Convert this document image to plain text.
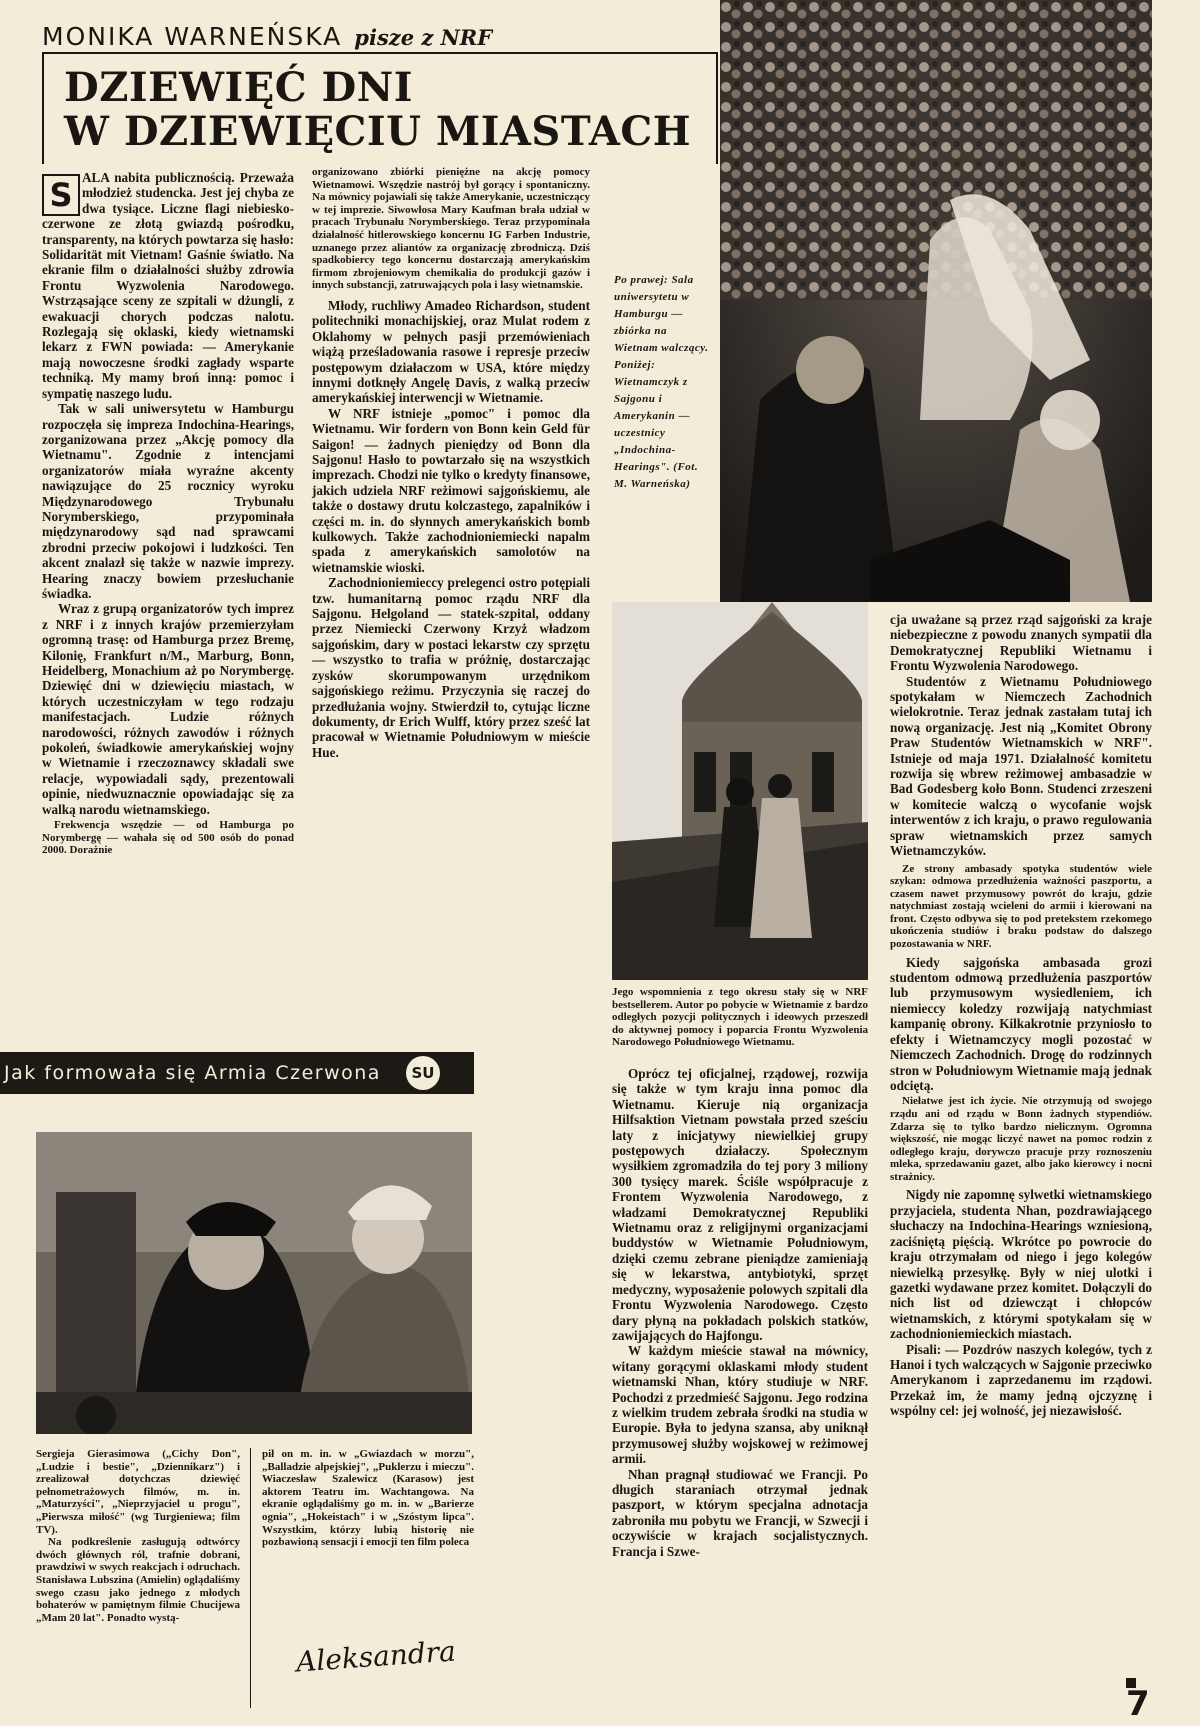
MONIKA WARNEŃSKA pisze z NRF
DZIEWIĘĆ DNI
W DZIEWIĘCIU MIASTACH
Po prawej: Sala uniwersytetu w Hamburgu — zbiórka na Wietnam walczący. Poniżej: Wietnamczyk z Sajgonu i Amerykanin — uczestnicy „Indochina-Hearings". (Fot. M. Warneńska)
S ALA nabita publicznością. Przeważa młodzież studencka. Jest jej chyba ze dwa tysiące. Liczne flagi niebiesko-czerwone ze złotą gwiazdą pośrodku, transparenty, na których powtarza się hasło: Solidarität mit Vietnam! Gaśnie światło. Na ekranie film o działalności służby zdrowia Frontu Wyzwolenia Narodowego. Wstrząsające sceny ze szpitali w dżungli, z ewakuacji chorych podczas nalotu. Rozlegają się oklaski, kiedy wietnamski lekarz z FWN powiada: — Amerykanie mają nowoczesne środki zagłady wsparte techniką. My mamy broń inną: pomoc i sympatię naszego ludu.

Tak w sali uniwersytetu w Hamburgu rozpoczęła się impreza Indochina-Hearings, zorganizowana przez „Akcję pomocy dla Wietnamu". Zgodnie z intencjami organizatorów miała wyraźne akcenty nawiązujące do 25 rocznicy wyroku Międzynarodowego Trybunału Norymberskiego, przypominała międzynarodowy sąd nad sprawcami zbrodni przeciw pokojowi i ludzkości. Ten akcent znalazł się także w nazwie imprezy. Hearing znaczy bowiem przesłuchanie świadka.

Wraz z grupą organizatorów tych imprez z NRF i z innych krajów przemierzyłam ogromną trasę: od Hamburga przez Bremę, Kilonię, Frankfurt n/M., Marburg, Bonn, Heidelberg, Monachium aż po Norymbergę. Dziewięć dni w dziewięciu miastach, w których uczestniczyłam w tego rodzaju manifestacjach. Ludzie różnych narodowości, różnych zawodów i różnych pokoleń, świadkowie amerykańskiej wojny w Wietnamie i rzeczoznawcy składali swe relacje, wypowiadali sądy, prezentowali opinie, niedwuznacznie opowiadając się za walką narodu wietnamskiego.

Frekwencja wszędzie — od Hamburga po Norymbergę — wahała się od 500 osób do ponad 2000. Dorażnie

organizowano zbiórki pieniężne na akcję pomocy Wietnamowi. Wszędzie nastrój był gorący i spontaniczny. Na mównicy pojawiali się także Amerykanie, uczestniczący w tej imprezie. Siwowłosa Mary Kaufman brała udział w pracach Trybunału Norymberskiego. Teraz przypominała działalność hitlerowskiego koncernu IG Farben Industrie, uznanego przez aliantów za organizację zbrodniczą. Dziś spadkobiercy tego koncernu dostarczają amerykańskim firmom zbrojeniowym chemikalia do produkcji gazów i innych substancji, zatruwających pola i lasy wietnamskie.

Młody, ruchliwy Amadeo Richardson, student politechniki monachijskiej, oraz Mulat rodem z Oklahomy w pełnych pasji przemówieniach wiążą prześladowania rasowe i represje przeciw postępowym działaczom w USA, które między innymi dotknęły Angelę Davis, z walką przeciw amerykańskiej interwencji w Wietnamie.

W NRF istnieje „pomoc" i pomoc dla Wietnamu. Wir fordern von Bonn kein Geld für Saigon! — żadnych pieniędzy od Bonn dla Sajgonu! Hasło to powtarzało się na wszystkich imprezach. Chodzi nie tylko o kredyty finansowe, jakich udziela NRF reżimowi sajgońskiemu, ale także o dostawy drutu kolczastego, zapalników i części m. in. do słynnych amerykańskich bomb kulkowych. Także zachodnioniemiecki napalm spada z amerykańskich samolotów na wietnamskie wioski.

Zachodnioniemieccy prelegenci ostro potępiali tzw. humanitarną pomoc rządu NRF dla Sajgonu. Helgoland — statek-szpital, oddany przez Niemiecki Czerwony Krzyż władzom sajgońskim, dary w postaci lekarstw czy sprzętu — wszystko to trafia w próżnię, dostarczając zysków skorumpowanym urzędnikom sajgońskiego reżimu. Przyczynia się raczej do przedłużania wojny. Stwierdził to, cytując liczne dokumenty, dr Erich Wulff, który przez sześć lat pracował w Wietnamie Południowym w mieście Hue.

Jego wspomnienia z tego okresu stały się w NRF bestsellerem. Autor po pobycie w Wietnamie z bardzo odległych pozycji politycznych i ideowych przeszedł do aktywnej pomocy i poparcia Frontu Wyzwolenia Narodowego Południowego Wietnamu.

Oprócz tej oficjalnej, rządowej, rozwija się także w tym kraju inna pomoc dla Wietnamu. Kieruje nią organizacja Hilfsaktion Vietnam powstała przed sześciu laty z inicjatywy niewielkiej grupy postępowych działaczy. Społecznym wysiłkiem zgromadziła do tej pory 3 miliony 300 tysięcy marek. Ściśle współpracuje z Frontem Wyzwolenia Narodowego, z władzami Demokratycznej Republiki Wietnamu oraz z religijnymi organizacjami buddystów w Wietnamie Południowym, dzięki czemu zebrane pieniądze zamieniają się w lekarstwa, antybiotyki, sprzęt medyczny, wyposażenie polowych szpitali dla Frontu Wyzwolenia Narodowego. Często dary płyną na pokładach polskich statków, zawijających do Hajfongu.

W każdym mieście stawał na mównicy, witany gorącymi oklaskami młody student wietnamski Nhan, który studiuje w NRF. Pochodzi z przedmieść Sajgonu. Jego rodzina z wielkim trudem zebrała środki na studia w Europie. Była to jedyna szansa, aby uniknął przymusowej służby wojskowej w reżimowej armii.

Nhan pragnął studiować we Francji. Po długich staraniach otrzymał jednak paszport, w którym specjalna adnotacja zabroniła mu pobytu we Francji, w Szwecji i oczywiście w krajach socjalistycznych. Francja i Szwe-

cja uważane są przez rząd sajgoński za kraje niebezpieczne z powodu znanych sympatii dla Demokratycznej Republiki Wietnamu i Frontu Wyzwolenia Narodowego.

Studentów z Wietnamu Południowego spotykałam w Niemczech Zachodnich wielokrotnie. Teraz jednak zastałam tutaj ich nową organizację. Jest nią „Komitet Obrony Praw Studentów Wietnamskich w NRF". Istnieje od maja 1971. Działalność komitetu rozwija się wbrew reżimowej ambasadzie w Bad Godesberg koło Bonn. Studenci zrzeszeni w komitecie walczą o wycofanie wojsk interwentów z ich kraju, o prawo regulowania spraw wietnamskich przez samych Wietnamczyków.

Ze strony ambasady spotyka studentów wiele szykan: odmowa przedłużenia ważności paszportu, a czasem nawet przymusowy powrót do kraju, gdzie natychmiast zostają wcieleni do armii i kierowani na front. Często odbywa się to pod pretekstem rzekomego ukończenia studiów i braku podstaw do dalszego pozostawania w NRF.

Kiedy sajgońska ambasada grozi studentom odmową przedłużenia paszportów lub przymusowym wysiedleniem, ich niemieccy koledzy rozwijają natychmiast kampanię obrony. Kilkakrotnie przyniosło to efekty i Wietnamczycy mogli pozostać w Niemczech Zachodnich. Drogę do rodzinnych stron w Południowym Wietnamie mają jednak odciętą.

Niełatwe jest ich życie. Nie otrzymują od swojego rządu ani od rządu w Bonn żadnych stypendiów. Zdarza się to tylko bardzo nielicznym. Ogromna większość, nie mogąc liczyć nawet na pomoc rodzin z odległego kraju, dorywczo pracuje przy roznoszeniu mleka, sprzedawaniu gazet, albo jako kierowcy i nocni strażnicy.

Nigdy nie zapomnę sylwetki wietnamskiego przyjaciela, studenta Nhan, pozdrawiającego słuchaczy na Indochina-Hearings wzniesioną, zaciśniętą pięścią. Wkrótce po powrocie do kraju otrzymałam od niego i jego kolegów niewielką przesyłkę. Były w niej ulotki i gazetki wydawane przez komitet. Dołączyli do nich list od dziewcząt i chłopców wietnamskich, z którymi spotykałam się w zachodnioniemieckich miastach.

Pisali: — Pozdrów naszych kolegów, tych z Hanoi i tych walczących w Sajgonie przeciwko Amerykanom i zaprzedanemu im rządowi. Przekaż im, że mamy jedną ojczyznę i wspólny cel: jej wolność, jej niezawisłość.

Jak formowała się Armia Czerwona	SU

Sergieja Gierasimowa („Cichy Don", „Ludzie i bestie", „Dziennikarz") i zrealizował dotychczas dziewięć pełnometrażowych filmów, m. in. „Maturzyści", „Nieprzyjaciel u progu", „Pierwsza miłość" (wg Turgieniewa; film TV).

Na podkreślenie zasługują odtwórcy dwóch głównych ról, trafnie dobrani, prawdziwi w swych reakcjach i odruchach. Stanisława Lubszina (Amielin) oglądaliśmy swego czasu jako jednego z młodych bohaterów w pamiętnym filmie Chucijewa „Mam 20 lat". Ponadto wystą-

pił on m. in. w „Gwiazdach w morzu", „Balladzie alpejskiej", „Puklerzu i mieczu". Wiaczesław Szalewicz (Karasow) jest aktorem Teatru im. Wachtangowa. Na ekranie oglądaliśmy go m. in. w „Barierze ognia", „Hokeistach" i w „Szóstym lipca". Wszystkim, którzy lubią historię nie pozbawioną sensacji i emocji ten film poleca

Aleksandra
7
